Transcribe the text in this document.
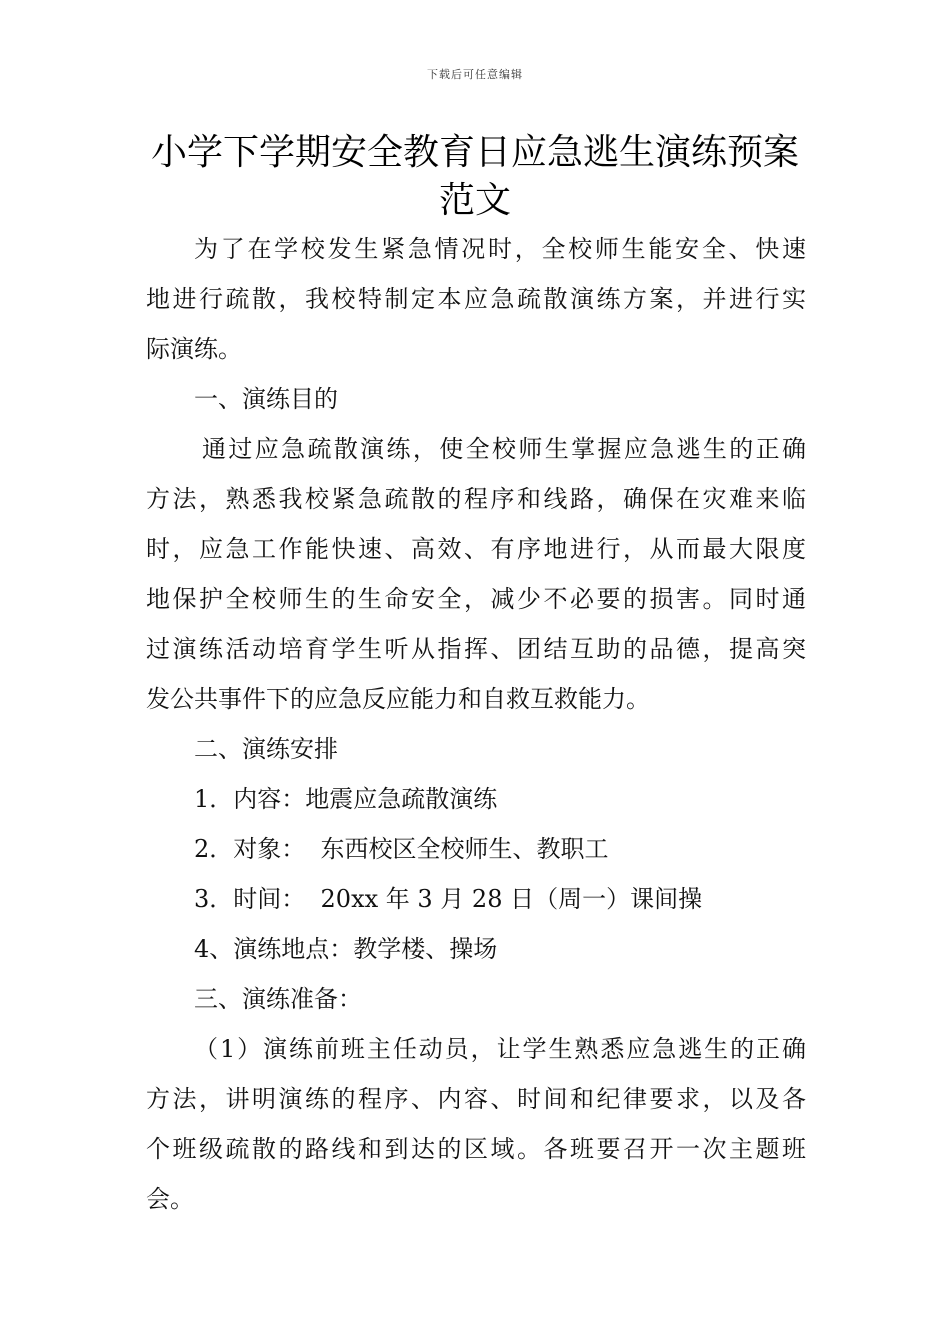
下载后可任意编辑
小学下学期安全教育日应急逃生演练预案
范文
为了在学校发生紧急情况时，全校师生能安全、快速
地进行疏散，我校特制定本应急疏散演练方案，并进行实
际演练。
一、演练目的
通过应急疏散演练，使全校师生掌握应急逃生的正确
方法，熟悉我校紧急疏散的程序和线路，确保在灾难来临
时，应急工作能快速、高效、有序地进行，从而最大限度
地保护全校师生的生命安全，减少不必要的损害。同时通
过演练活动培育学生听从指挥、团结互助的品德，提高突
发公共事件下的应急反应能力和自救互救能力。
二、演练安排
1．内容：地震应急疏散演练
2．对象：  东西校区全校师生、教职工
3．时间：  20xx 年 3 月 28 日（周一）课间操
4、演练地点：教学楼、操场
三、演练准备：
（1）演练前班主任动员，让学生熟悉应急逃生的正确
方法，讲明演练的程序、内容、时间和纪律要求，以及各
个班级疏散的路线和到达的区域。各班要召开一次主题班
会。
